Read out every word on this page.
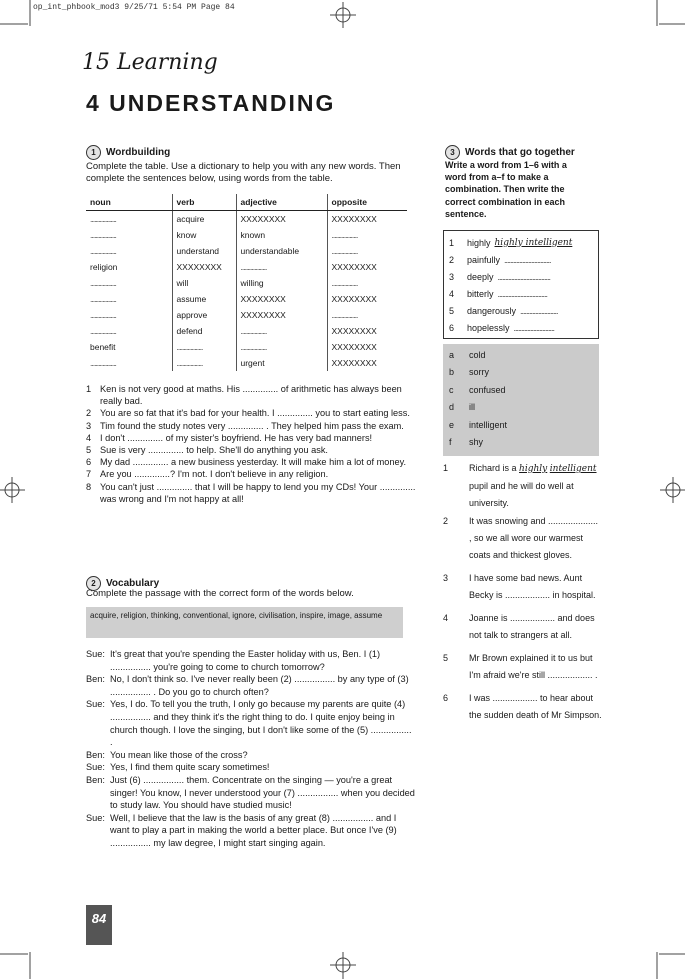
op_int_phbook_mod3 9/25/71 5:54 PM Page 84
15 Learning
4 UNDERSTANDING
1	Wordbuilding
Complete the table. Use a dictionary to help you with any new words. Then complete the sentences below, using words from the table.
noun	verb	adjective	opposite
...................	acquire	XXXXXXXX	XXXXXXXX
...................	know	known	...................
...................	understand	understandable	...................
religion	XXXXXXXX	...................	XXXXXXXX
...................	will	willing	...................
...................	assume	XXXXXXXX	XXXXXXXX
...................	approve	XXXXXXXX	...................
...................	defend	...................	XXXXXXXX
benefit	...................	...................	XXXXXXXX
...................	...................	urgent	XXXXXXXX
1 Ken is not very good at maths. His .............. of arithmetic has always been really bad.
2 You are so fat that it's bad for your health. I .............. you to start eating less.
3 Tim found the study notes very .............. . They helped him pass the exam.
4 I don't .............. of my sister's boyfriend. He has very bad manners!
5 Sue is very .............. to help. She'll do anything you ask.
6 My dad .............. a new business yesterday. It will make him a lot of money.
7 Are you ..............? I'm not. I don't believe in any religion.
8 You can't just .............. that I will be happy to lend you my CDs! Your .............. was wrong and I'm not happy at all!
2	Vocabulary
Complete the passage with the correct form of the words below.
acquire, religion, thinking, conventional, ignore, civilisation, inspire, image, assume
Sue: It's great that you're spending the Easter holiday with us, Ben. I (1) ................ you're going to come to church tomorrow?
Ben: No, I don't think so. I've never really been (2) ................ by any type of (3) ................ . Do you go to church often?
Sue: Yes, I do. To tell you the truth, I only go because my parents are quite (4) ................ and they think it's the right thing to do. I quite enjoy being in church though. I love the singing, but I don't like some of the (5) ................ .
Ben: You mean like those of the cross?
Sue: Yes, I find them quite scary sometimes!
Ben: Just (6) ................ them. Concentrate on the singing — you're a great singer! You know, I never understood your (7) ................ when you decided to study law. You should have studied music!
Sue: Well, I believe that the law is the basis of any great (8) ................ and I want to play a part in making the world a better place. But once I've (9) ................ my law degree, I might start singing again.
3	Words that go together
Write a word from 1–6 with a word from a–f to make a combination. Then write the correct combination in each sentence.
1	highly highly intelligent
2	painfully ...............................
3	deeply ...................................
4	bitterly .................................
5	dangerously .........................
6	hopelessly ...........................
a	cold
b	sorry
c	confused
d	ill
e	intelligent
f	shy
1	Richard is a highly intelligent pupil and he will do well at university.
2	It was snowing and .................... , so we all wore our warmest coats and thickest gloves.
3	I have some bad news. Aunt Becky is .................. in hospital.
4	Joanne is .................. and does not talk to strangers at all.
5	Mr Brown explained it to us but I'm afraid we're still .................. .
6	I was .................. to hear about the sudden death of Mr Simpson.
84
